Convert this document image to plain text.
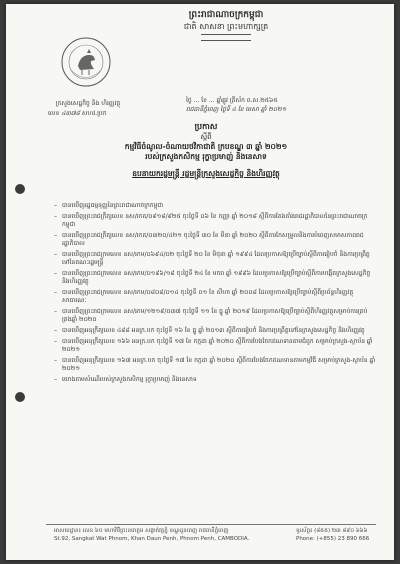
ព្រះរាជាណាចក្រកម្ពុជា
ជាតិ សាសនា ព្រះមហាក្សត្រ
ក្រសួងសេដ្ឋកិច្ច និង ហិរញ្ញវត្ថុ
លេខ ៤៣៧៨ សហវ.ប្រក
ថ្ងៃ ... ខែ ... ឆ្នាំឆ្លូវ ត្រីស័ក ព.ស.២៥៦៥
រាជធានីភ្នំពេញ ថ្ងៃទី ៤ ខែ មេសា ឆ្នាំ ២០២១
ប្រកាស
ស្តីពី
កម្មវិធីចំណូល-ចំណាយថវិកាជាតិ ក្របខណ្ឌ ៣ ឆ្នាំ ២០២១
របស់ក្រសួងកសិកម្ម រុក្ខាប្រមាញ់ និងនេសាទ
ឧបនាយករដ្ឋមន្ត្រី រដ្ឋមន្ត្រីក្រសួងសេដ្ឋកិច្ច និងហិរញ្ញវត្ថុ
– បានឃើញរដ្ឋធម្មនុញ្ញនៃព្រះរាជាណាចក្រកម្ពុជា
– បានឃើញព្រះរាជក្រឹត្យលេខ នស/រកត/០៩១៨/៩២៥ ចុះថ្ងៃទី ០៦ ខែ កញ្ញា ឆ្នាំ ២០១៨ ស្តីពីការតែងតាំងរាជរដ្ឋាភិបាលនៃព្រះរាជាណាចក្រកម្ពុជា
– បានឃើញព្រះរាជក្រឹត្យលេខ នស/រកត/០៣២០/៤២១ ចុះថ្ងៃទី ៣០ ខែ មីនា ឆ្នាំ ២០២០ ស្តីពីការកែសម្រួលនិងការបំពេញសមាសភាពរាជរដ្ឋាភិបាល
– បានឃើញព្រះរាជក្រមលេខ នស/រកម/០៦៩៤/០២ ចុះថ្ងៃទី ២០ ខែ មិថុនា ឆ្នាំ ១៩៩៤ ដែលប្រកាសឱ្យប្រើច្បាប់ស្តីពីការរៀបចំ និងការប្រព្រឹត្តទៅនៃគណៈរដ្ឋមន្ត្រី
– បានឃើញព្រះរាជក្រមលេខ នស/រកម/០១៩៦/១៨ ចុះថ្ងៃទី ២៤ ខែ មករា ឆ្នាំ ១៩៩៦ ដែលប្រកាសឱ្យប្រើច្បាប់ស្តីពីការបង្កើតក្រសួងសេដ្ឋកិច្ច និងហិរញ្ញវត្ថុ
– បានឃើញព្រះរាជក្រមលេខ នស/រកម/០៨០៨/០១៤ ចុះថ្ងៃទី ០១ ខែ សីហា ឆ្នាំ ២០០៨ ដែលប្រកាសឱ្យប្រើច្បាប់ស្តីពីប្រព័ន្ធហិរញ្ញវត្ថុសាធារណៈ
– បានឃើញព្រះរាជក្រមលេខ នស/រកម/១២១៩/០៣៧ ចុះថ្ងៃទី ១១ ខែ ធ្នូ ឆ្នាំ ២០១៩ ដែលប្រកាសឱ្យប្រើច្បាប់ស្តីពីហិរញ្ញវត្ថុសម្រាប់ការគ្រប់គ្រងឆ្នាំ ២០២០
– បានឃើញអនុក្រឹត្យលេខ ៤៨៨ អនក្រ.បក ចុះថ្ងៃទី ១៦ ខែ ធ្នូ ឆ្នាំ ២០១៣ ស្តីពីការរៀបចំ និងការប្រព្រឹត្តទៅនៃក្រសួងសេដ្ឋកិច្ច និងហិរញ្ញវត្ថុ
– បានឃើញអនុក្រឹត្យលេខ ១៦៦ អនក្រ.បក ចុះថ្ងៃទី ១៧ ខែ កក្កដា ឆ្នាំ ២០២០ ស្តីពីការបែងចែកឥណទានតាមជំពូក សម្រាប់ក្រសួង-ស្ថាប័ន ឆ្នាំ ២០២១
– បានឃើញអនុក្រឹត្យលេខ ១៦៧ អនក្រ.បក ចុះថ្ងៃទី ១៧ ខែ កក្កដា ឆ្នាំ ២០២០ ស្តីពីការបែងចែកឥណទានតាមកម្មវិធី សម្រាប់ក្រសួង-ស្ថាប័ន ឆ្នាំ ២០២១
– យោងតាមសំណើរបស់ក្រសួងកសិកម្ម រុក្ខាប្រមាញ់ និងនេសាទ
អាសយដ្ឋាន៖ លេខ ៦០ មហាវិថីព្រះនរោត្តម សង្កាត់វត្តភ្នំ ខណ្ឌដូនពេញ រាជធានីភ្នំពេញ
St.92, Sangkat Wat Phnom, Khan Daun Penh, Phnom Penh, CAMBODIA.
ទូរស័ព្ទ៖ (៨៥៥) ២៣ ៨៩០ ៦៦៦
Phone: (+855) 23 890 666
